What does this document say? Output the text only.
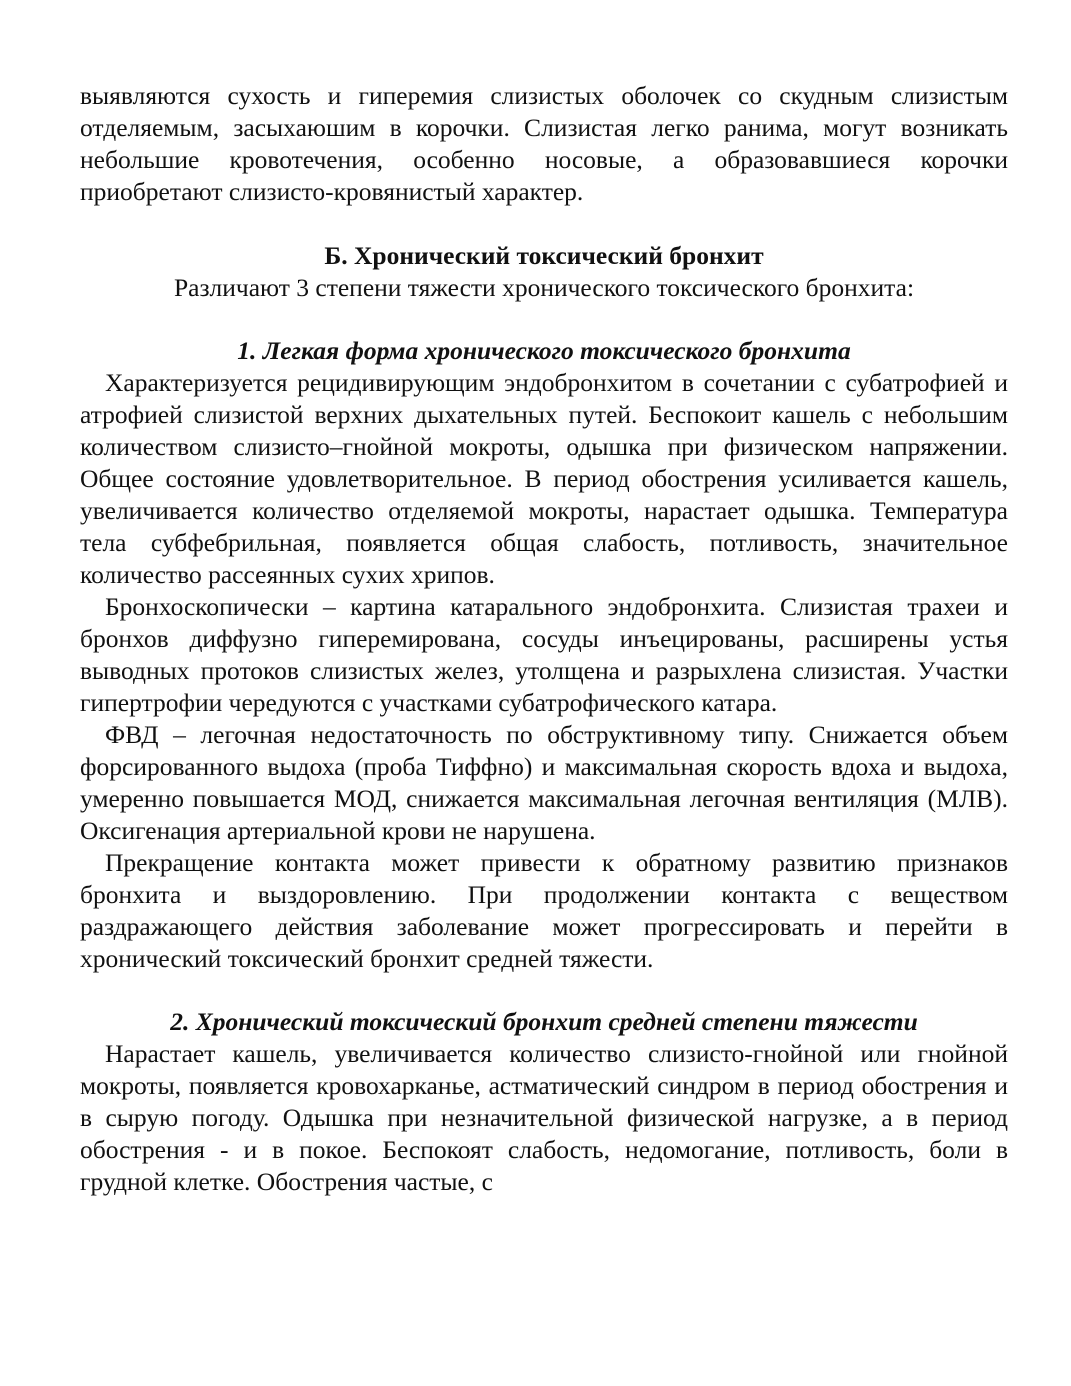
выявляются сухость и гиперемия слизистых оболочек со скудным слизистым отделяемым, засыхаюшим в корочки. Слизистая легко ранима, могут возникать небольшие кровотечения, особенно носовые, а образовавшиеся корочки приобретают слизисто-кровянистый характер.

Б. Хронический токсический бронхит

Различают 3 степени тяжести хронического токсического бронхита:

1. Легкая форма хронического токсического бронхита

Характеризуется рецидивирующим эндобронхитом в сочетании с субатрофией и атрофией слизистой верхних дыхательных путей. Беспокоит кашель с небольшим количеством слизисто–гнойной мокроты, одышка при физическом напряжении. Общее состояние удовлетворительное. В период обострения усиливается кашель, увеличивается количество отделяемой мокроты, нарастает одышка. Температура тела субфебрильная, появляется общая слабость, потливость, значительное количество рассеянных сухих хрипов.

Бронхоскопически – картина катарального эндобронхита. Слизистая трахеи и бронхов диффузно гиперемирована, сосуды инъецированы, расширены устья выводных протоков слизистых желез, утолщена и разрыхлена слизистая. Участки гипертрофии чередуются с участками субатрофического катара.

ФВД – легочная недостаточность по обструктивному типу. Снижается объем форсированного выдоха (проба Тиффно) и максимальная скорость вдоха и выдоха, умеренно повышается МОД, снижается максимальная легочная вентиляция (МЛВ). Оксигенация артериальной крови не нарушена.

Прекращение контакта может привести к обратному развитию признаков бронхита и выздоровлению. При продолжении контакта с веществом раздражающего действия заболевание может прогрессировать и перейти в хронический токсический бронхит средней тяжести.

2. Хронический токсический бронхит средней степени тяжести

Нарастает кашель, увеличивается количество слизисто-гнойной или гнойной мокроты, появляется кровохарканье, астматический синдром в период обострения и в сырую погоду. Одышка при незначительной физической нагрузке, а в период обострения - и в покое. Беспокоят слабость, недомогание, потливость, боли в грудной клетке. Обострения частые, с
